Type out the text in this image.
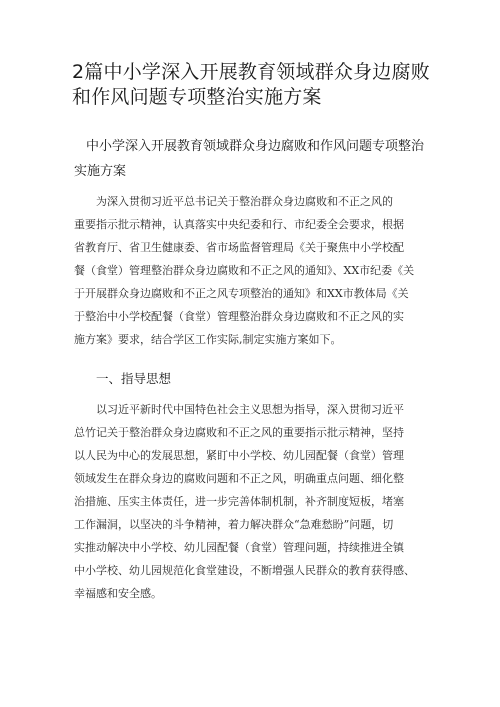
2篇中小学深入开展教育领域群众身边腐败
和作风问题专项整治实施方案
中小学深入开展教育领域群众身边腐败和作风问题专项整治
实施方案

为深入贯彻习近平总书记关于整治群众身边腐败和不正之风的
重要指示批示精神，认真落实中央纪委和行、市纪委全会要求，根据
省教育厅、省卫生健康委、省市场监督管理局《关于聚焦中小学校配
餐（食堂）管理整治群众身边腐败和不正之风的通知》、XX市纪委《关
于开展群众身边腐败和不正之风专项整治的通知》和XX市教体局《关
于整治中小学校配餐（食堂）管理整治群众身边腐败和不正之风的实
施方案》要求，结合学区工作实际,制定实施方案如下。

一、指导思想

以习近平新时代中国特色社会主义思想为指导，深入贯彻习近平
总竹记关于整治群众身边腐败和不正之风的重要指示批示精神，坚持
以人民为中心的发展思想，紧盯中小学校、幼儿园配餐（食堂）管理
领域发生在群众身边的腐败问题和不正之风，明确重点问题、细化整
治措施、压实主体责任，进一步完善体制机制，补齐制度短板，堵塞
工作漏洞，以坚决的斗争精神，着力解决群众“急难愁盼”问题，切
实推动解决中小学校、幼儿园配餐（食堂）管理问题，持续推进全镇
中小学校、幼儿园规范化食堂建设，不断增强人民群众的教育获得感、
幸福感和安全感。
